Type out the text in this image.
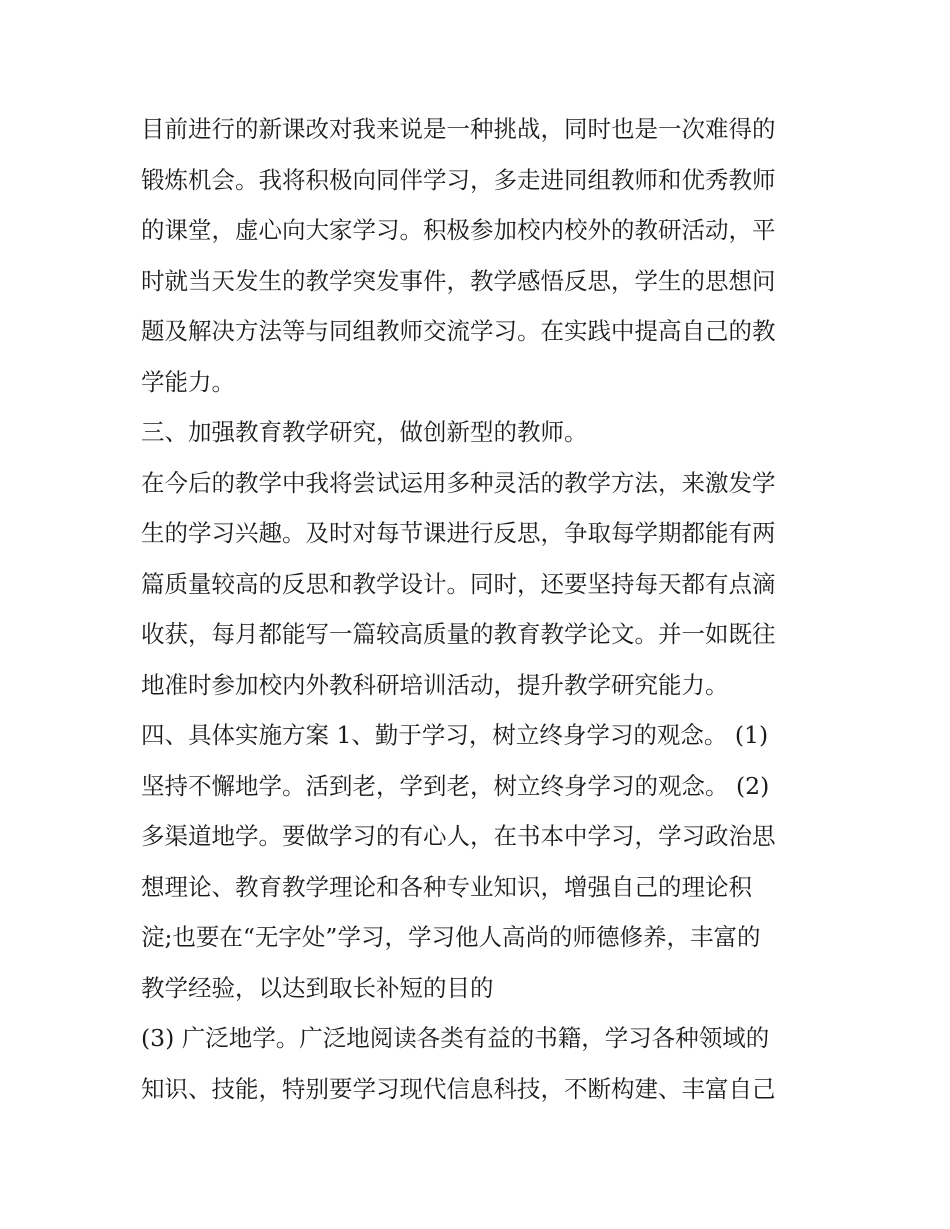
目前进行的新课改对我来说是一种挑战，同时也是一次难得的
锻炼机会。我将积极向同伴学习，多走进同组教师和优秀教师
的课堂，虚心向大家学习。积极参加校内校外的教研活动，平
时就当天发生的教学突发事件，教学感悟反思，学生的思想问
题及解决方法等与同组教师交流学习。在实践中提高自己的教
学能力。
三、加强教育教学研究，做创新型的教师。
在今后的教学中我将尝试运用多种灵活的教学方法，来激发学
生的学习兴趣。及时对每节课进行反思，争取每学期都能有两
篇质量较高的反思和教学设计。同时，还要坚持每天都有点滴
收获，每月都能写一篇较高质量的教育教学论文。并一如既往
地准时参加校内外教科研培训活动，提升教学研究能力。
四、具体实施方案 1、勤于学习，树立终身学习的观念。 (1)
坚持不懈地学。活到老，学到老，树立终身学习的观念。 (2)
多渠道地学。要做学习的有心人，在书本中学习，学习政治思
想理论、教育教学理论和各种专业知识，增强自己的理论积
淀;也要在“无字处”学习，学习他人高尚的师德修养，丰富的
教学经验，以达到取长补短的目的
(3) 广泛地学。广泛地阅读各类有益的书籍，学习各种领域的
知识、技能，特别要学习现代信息科技，不断构建、丰富自己
